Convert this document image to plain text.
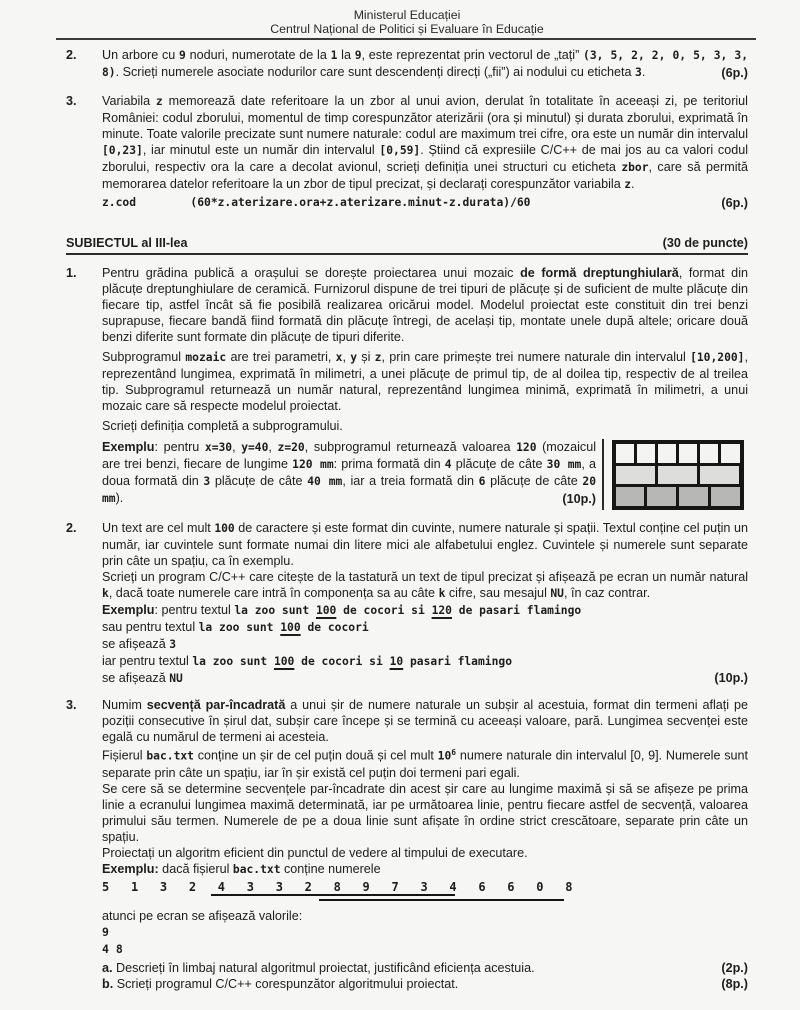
Ministerul Educației
Centrul Național de Politici și Evaluare în Educație
2.	Un arbore cu 9 noduri, numerotate de la 1 la 9, este reprezentat prin vectorul de „tați” (3, 5, 2, 2, 0, 5, 3, 3, 8). Scrieți numerele asociate nodurilor care sunt descendenți direcți („fii”) ai nodului cu eticheta 3.	(6p.)
3.	Variabila z memorează date referitoare la un zbor al unui avion, derulat în totalitate în aceeași zi, pe teritoriul României: codul zborului, momentul de timp corespunzător aterizării (ora și minutul) și durata zborului, exprimată în minute. Toate valorile precizate sunt numere naturale: codul are maximum trei cifre, ora este un număr din intervalul [0,23], iar minutul este un număr din intervalul [0,59]. Știind că expresiile C/C++ de mai jos au ca valori codul zborului, respectiv ora la care a decolat avionul, scrieți definiția unei structuri cu eticheta zbor, care să permită memorarea datelor referitoare la un zbor de tipul precizat, și declarați corespunzător variabila z.

z.cod        (60*z.aterizare.ora+z.aterizare.minut-z.durata)/60	(6p.)
SUBIECTUL al III-lea	(30 de puncte)
1.	Pentru grădina publică a orașului se dorește proiectarea unui mozaic de formă dreptunghiulară, format din plăcuțe dreptunghiulare de ceramică. Furnizorul dispune de trei tipuri de plăcuțe și de suficient de multe plăcuțe din fiecare tip, astfel încât să fie posibilă realizarea oricărui model. Modelul proiectat este constituit din trei benzi suprapuse, fiecare bandă fiind formată din plăcuțe întregi, de același tip, montate unele după altele; oricare două benzi diferite sunt formate din plăcuțe de tipuri diferite.

Subprogramul mozaic are trei parametri, x, y și z, prin care primește trei numere naturale din intervalul [10,200], reprezentând lungimea, exprimată în milimetri, a unei plăcuțe de primul tip, de al doilea tip, respectiv de al treilea tip. Subprogramul returnează un număr natural, reprezentând lungimea minimă, exprimată în milimetri, a unui mozaic care să respecte modelul proiectat.

Scrieți definiția completă a subprogramului.

Exemplu: pentru x=30, y=40, z=20, subprogramul returnează valoarea 120 (mozaicul are trei benzi, fiecare de lungime 120 mm: prima formată din 4 plăcuțe de câte 30 mm, a doua formată din 3 plăcuțe de câte 40 mm, iar a treia formată din 6 plăcuțe de câte 20 mm).	(10p.)
2.	Un text are cel mult 100 de caractere și este format din cuvinte, numere naturale și spații. Textul conține cel puțin un număr, iar cuvintele sunt formate numai din litere mici ale alfabetului englez. Cuvintele și numerele sunt separate prin câte un spațiu, ca în exemplu.

Scrieți un program C/C++ care citește de la tastatură un text de tipul precizat și afișează pe ecran un număr natural k, dacă toate numerele care intră în componența sa au câte k cifre, sau mesajul NU, în caz contrar.

Exemplu: pentru textul la zoo sunt 100 de cocori si 120 de pasari flamingo
sau pentru textul la zoo sunt 100 de cocori
se afișează 3
iar pentru textul la zoo sunt 100 de cocori si 10 pasari flamingo
se afișează NU	(10p.)
3.	Numim secvență par-încadrată a unui șir de numere naturale un subșir al acestuia, format din termeni aflați pe poziții consecutive în șirul dat, subșir care începe și se termină cu aceeași valoare, pară. Lungimea secvenței este egală cu numărul de termeni ai acesteia.

Fișierul bac.txt conține un șir de cel puțin două și cel mult $10^6$ numere naturale din intervalul [0, 9]. Numerele sunt separate prin câte un spațiu, iar în șir există cel puțin doi termeni pari egali.

Se cere să se determine secvențele par-încadrate din acest șir care au lungime maximă și să se afișeze pe prima linie a ecranului lungimea maximă determinată, iar pe următoarea linie, pentru fiecare astfel de secvență, valoarea primului său termen. Numerele de pe a doua linie sunt afișate în ordine strict crescătoare, separate prin câte un spațiu.

Proiectați un algoritm eficient din punctul de vedere al timpului de executare.

Exemplu: dacă fișierul bac.txt conține numerele

5 1 3 2 4 3 3 2 8 9 7 3 4 6 6 0 8

atunci pe ecran se afișează valorile:

9
4 8
a. Descrieți în limbaj natural algoritmul proiectat, justificând eficiența acestuia.	(2p.)
b. Scrieți programul C/C++ corespunzător algoritmului proiectat.	(8p.)
